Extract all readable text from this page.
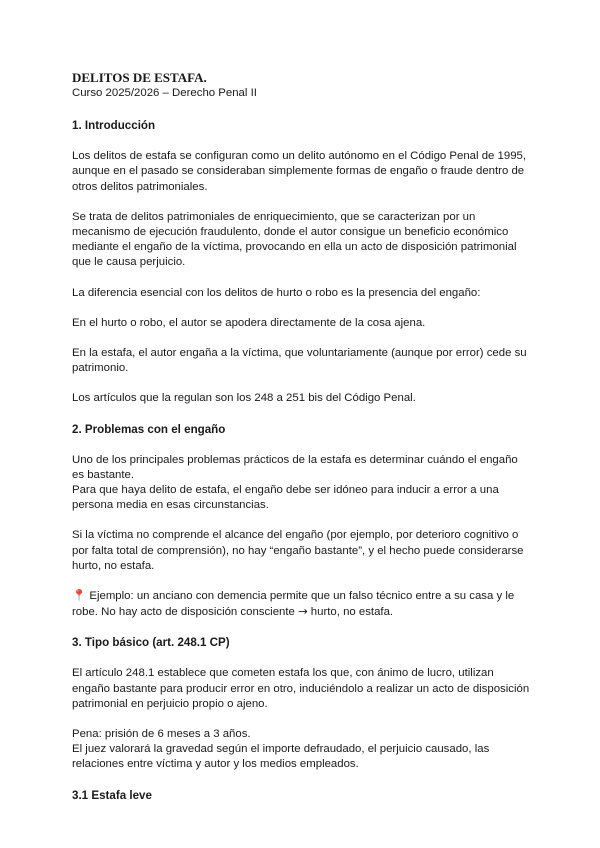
DELITOS DE ESTAFA.
Curso 2025/2026 – Derecho Penal II
1. Introducción

Los delitos de estafa se configuran como un delito autónomo en el Código Penal de 1995, aunque en el pasado se consideraban simplemente formas de engaño o fraude dentro de otros delitos patrimoniales.

Se trata de delitos patrimoniales de enriquecimiento, que se caracterizan por un mecanismo de ejecución fraudulento, donde el autor consigue un beneficio económico mediante el engaño de la víctima, provocando en ella un acto de disposición patrimonial que le causa perjuicio.

La diferencia esencial con los delitos de hurto o robo es la presencia del engaño:

En el hurto o robo, el autor se apodera directamente de la cosa ajena.

En la estafa, el autor engaña a la víctima, que voluntariamente (aunque por error) cede su patrimonio.

Los artículos que la regulan son los 248 a 251 bis del Código Penal.

2. Problemas con el engaño

Uno de los principales problemas prácticos de la estafa es determinar cuándo el engaño es bastante.

Para que haya delito de estafa, el engaño debe ser idóneo para inducir a error a una persona media en esas circunstancias.

Si la víctima no comprende el alcance del engaño (por ejemplo, por deterioro cognitivo o por falta total de comprensión), no hay “engaño bastante”, y el hecho puede considerarse hurto, no estafa.

📍 Ejemplo: un anciano con demencia permite que un falso técnico entre a su casa y le robe. No hay acto de disposición consciente → hurto, no estafa.

3. Tipo básico (art. 248.1 CP)

El artículo 248.1 establece que cometen estafa los que, con ánimo de lucro, utilizan engaño bastante para producir error en otro, induciéndolo a realizar un acto de disposición patrimonial en perjuicio propio o ajeno.

Pena: prisión de 6 meses a 3 años.

El juez valorará la gravedad según el importe defraudado, el perjuicio causado, las relaciones entre víctima y autor y los medios empleados.

3.1 Estafa leve
